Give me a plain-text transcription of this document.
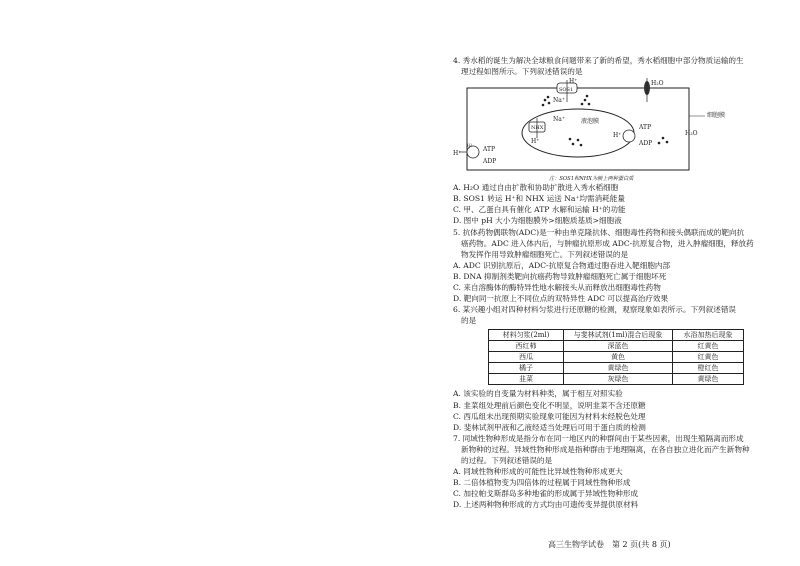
4. 秀水稻的诞生为解决全球粮食问题带来了新的希望，秀水稻细胞中部分物质运输的生

理过程如图所示。下列叙述错误的是

H⁺
SOS1
Na⁺
H₂O
细胞膜
Na⁺
NHX
液泡膜
H⁺
ATP
ADP
H⁺	H₂O
H⁺
甲 ATP
ADP
注：SOS1和NHX为膜上两种蛋白质

A. H₂O 通过自由扩散和协助扩散进入秀水稻细胞

B. SOS1 转运 H⁺和 NHX 运送 Na⁺均需消耗能量

C. 甲、乙蛋白具有催化 ATP 水解和运输 H⁺的功能

D. 图中 pH 大小为细胞膜外>细胞质基质>细胞液

5. 抗体药物偶联物(ADC)是一种由单克隆抗体、细胞毒性药物和接头偶联而成的靶向抗

癌药物。ADC 进入体内后，与肿瘤抗原形成 ADC-抗原复合物，进入肿瘤细胞，释放药

物发挥作用导致肿瘤细胞死亡。下列叙述错误的是

A. ADC 识别抗原后，ADC-抗原复合物通过胞吞进入靶细胞内部

B. DNA 抑制剂类靶向抗癌药物导致肿瘤细胞死亡属于细胞坏死

C. 来自溶酶体的酶特异性地水解接头从而释放出细胞毒性药物

D. 靶向同一抗原上不同位点的双特异性 ADC 可以提高治疗效果

6. 某兴趣小组对四种材料匀浆进行还原糖的检测，观察现象如表所示。下列叙述错误

的是

材料匀浆(2ml)	与斐林试剂(1ml)混合后现象	水浴加热后现象
西红柿	深蓝色	红黄色
西瓜	黄色	红黄色
橘子	黄绿色	橙红色
韭菜	灰绿色	黄绿色

A. 该实验的自变量为材料种类，属于相互对照实验

B. 韭菜组处理前后颜色变化不明显，说明韭菜不含还原糖

C. 西瓜组未出现预期实验现象可能因为材料未经脱色处理

D. 斐林试剂甲液和乙液经适当处理后可用于蛋白质的检测

7. 同域性物种形成是指分布在同一地区内的种群间由于某些因素，出现生殖隔离而形成

新物种的过程。异域性物种形成是指种群由于地理隔离，在各自独立进化而产生新物种

的过程。下列叙述错误的是

A. 同域性物种形成的可能性比异域性物种形成更大

B. 二倍体植物变为四倍体的过程属于同域性物种形成

C. 加拉帕戈斯群岛多种地雀的形成属于异域性物种形成

D. 上述两种物种形成的方式均由可遗传变异提供原材料

高三生物学试卷　第 2 页(共 8 页)
